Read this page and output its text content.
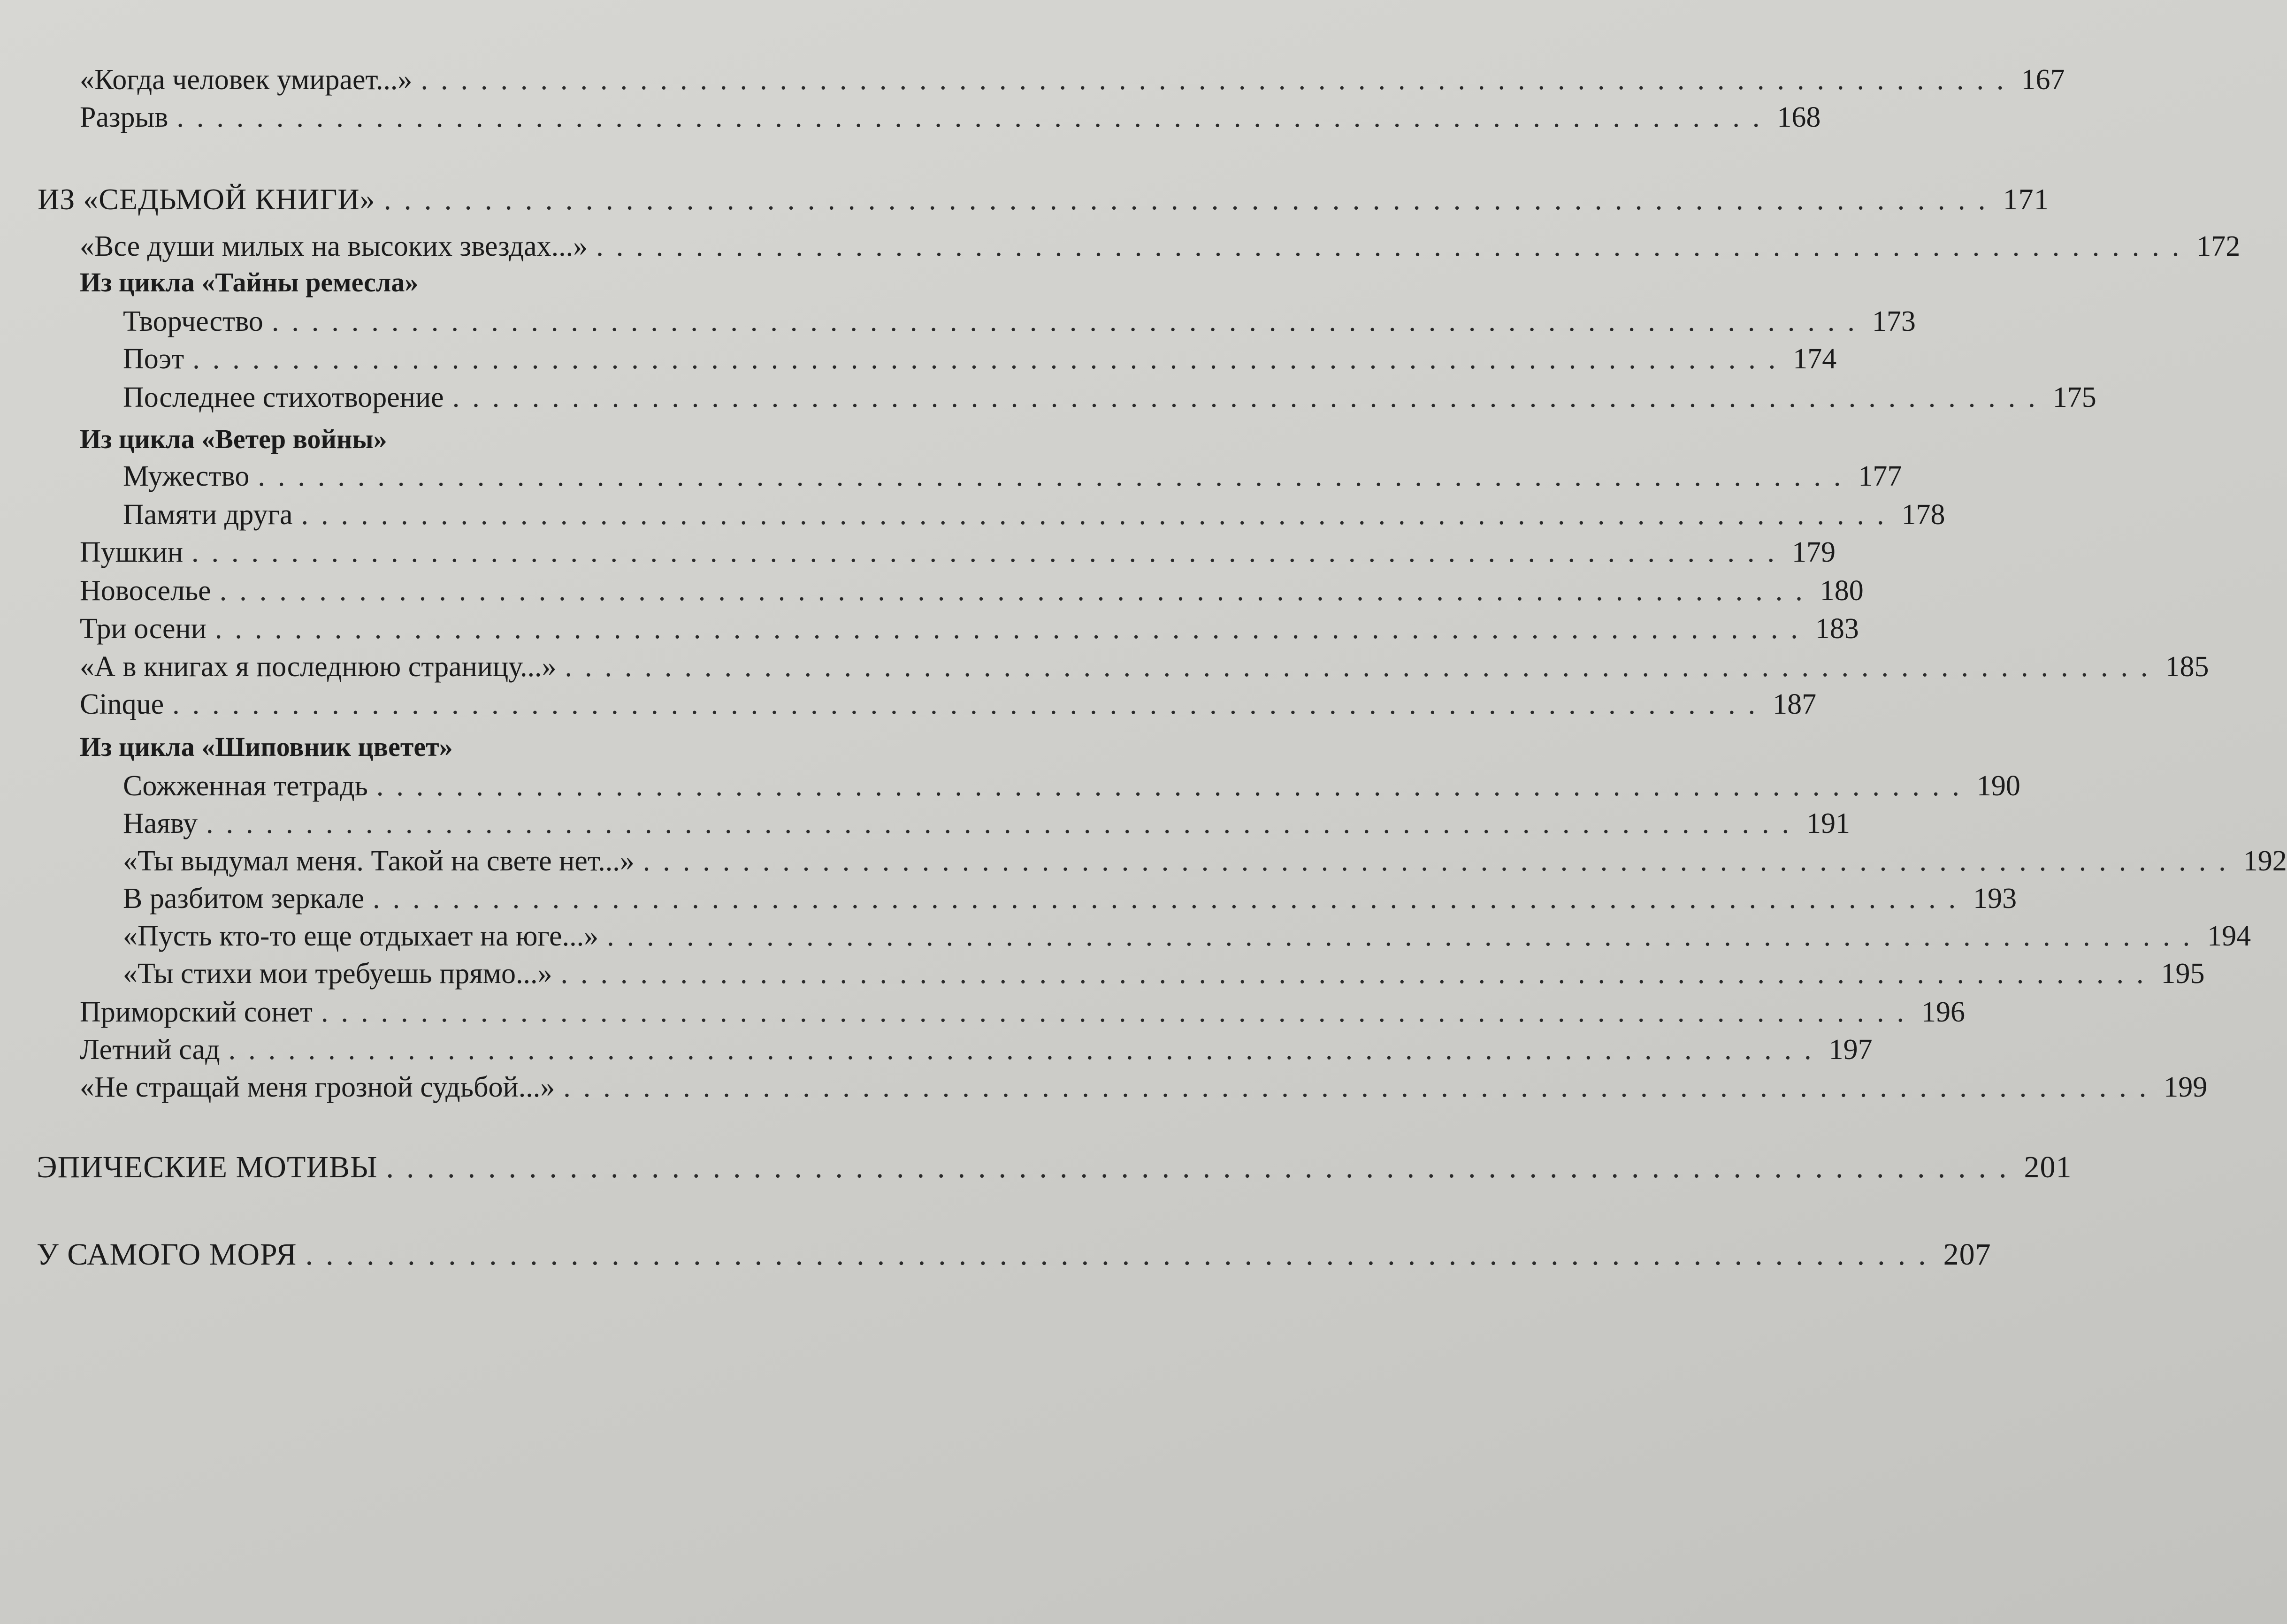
«Когда человек умирает...» ................................................................................ 167
Разрыв ................................................................................ 168
ИЗ «СЕДЬМОЙ КНИГИ» ................................................................................ 171
«Все души милых на высоких звездах...» ................................................................................ 172
Из цикла «Тайны ремесла»
Творчество ................................................................................ 173
Поэт ................................................................................ 174
Последнее стихотворение ................................................................................ 175
Из цикла «Ветер войны»
Мужество ................................................................................ 177
Памяти друга ................................................................................ 178
Пушкин ................................................................................ 179
Новоселье ................................................................................ 180
Три осени ................................................................................ 183
«А в книгах я последнюю страницу...» ................................................................................ 185
Cinque ................................................................................ 187
Из цикла «Шиповник цветет»
Сожженная тетрадь ................................................................................ 190
Наяву ................................................................................ 191
«Ты выдумал меня. Такой на свете нет...» ................................................................................ 192
В разбитом зеркале ................................................................................ 193
«Пусть кто-то еще отдыхает на юге...» ................................................................................ 194
«Ты стихи мои требуешь прямо...» ................................................................................ 195
Приморский сонет ................................................................................ 196
Летний сад ................................................................................ 197
«Не стращай меня грозной судьбой...» ................................................................................ 199
ЭПИЧЕСКИЕ МОТИВЫ ................................................................................ 201
У САМОГО МОРЯ ................................................................................ 207
